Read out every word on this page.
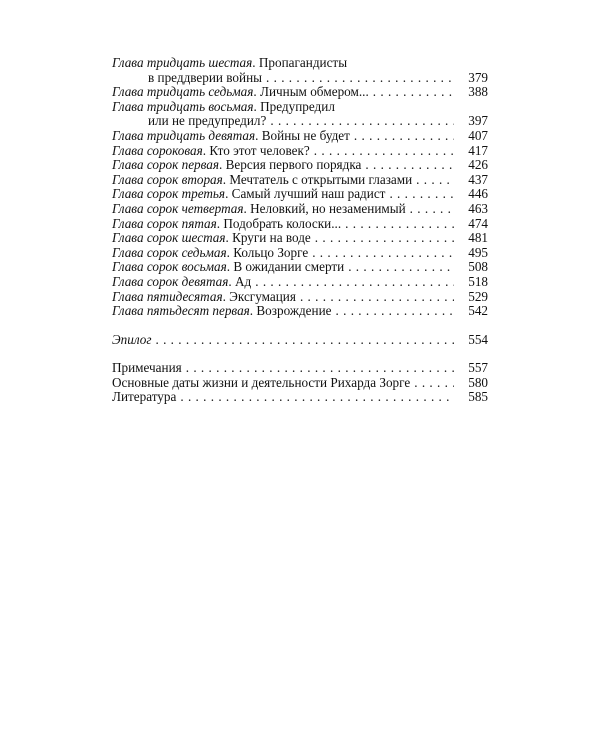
Глава тридцать шестая. Пропагандисты
в преддверии войны . . .	379
Глава тридцать седьмая. Личным обмером... . . .	388
Глава тридцать восьмая. Предупредил
или не предупредил? . . .	397
Глава тридцать девятая. Войны не будет . . .	407
Глава сороковая. Кто этот человек? . . .	417
Глава сорок первая. Версия первого порядка . . .	426
Глава сорок вторая. Мечтатель с открытыми глазами . . .	437
Глава сорок третья. Самый лучший наш радист . . .	446
Глава сорок четвертая. Неловкий, но незаменимый . . .	463
Глава сорок пятая. Подобрать колоски... . . .	474
Глава сорок шестая. Круги на воде . . .	481
Глава сорок седьмая. Кольцо Зорге . . .	495
Глава сорок восьмая. В ожидании смерти . . .	508
Глава сорок девятая. Ад . . .	518
Глава пятидесятая. Эксгумация . . .	529
Глава пятьдесят первая. Возрождение . . .	542
Эпилог . . .	554
Примечания . . .	557
Основные даты жизни и деятельности Рихарда Зорге . . .	580
Литература . . .	585
